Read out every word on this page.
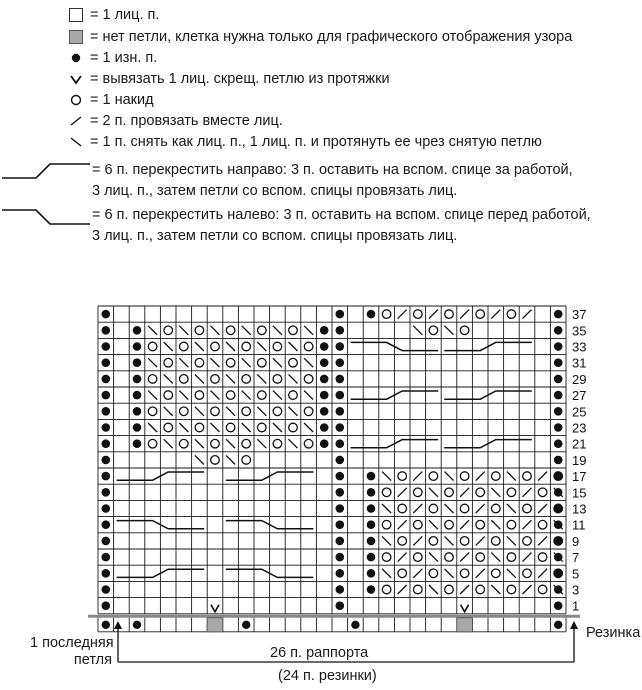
= 1 лиц. п.
= нет петли, клетка нужна только для графического отображения узора
= 1 изн. п.
= вывязать 1 лиц. скрещ. петлю из протяжки
= 1 накид
= 2 п. провязать вместе лиц.
= 1 п. снять как лиц. п., 1 лиц. п. и протянуть ее чрез снятую петлю
= 6 п. перекрестить направо: 3 п. оставить на вспом. спице за работой,
3 лиц. п., затем петли со вспом. спицы провязать лиц.
= 6 п. перекрестить налево: 3 п. оставить на вспом. спице перед работой,
3 лиц. п., затем петли со вспом. спицы провязать лиц.
37
35
33
31
29
27
25
23
21
19
17
15
13
11
9
7
5
3
1
1 последняя
петля	26 п. раппорта
(24 п. резинки)
Резинка
